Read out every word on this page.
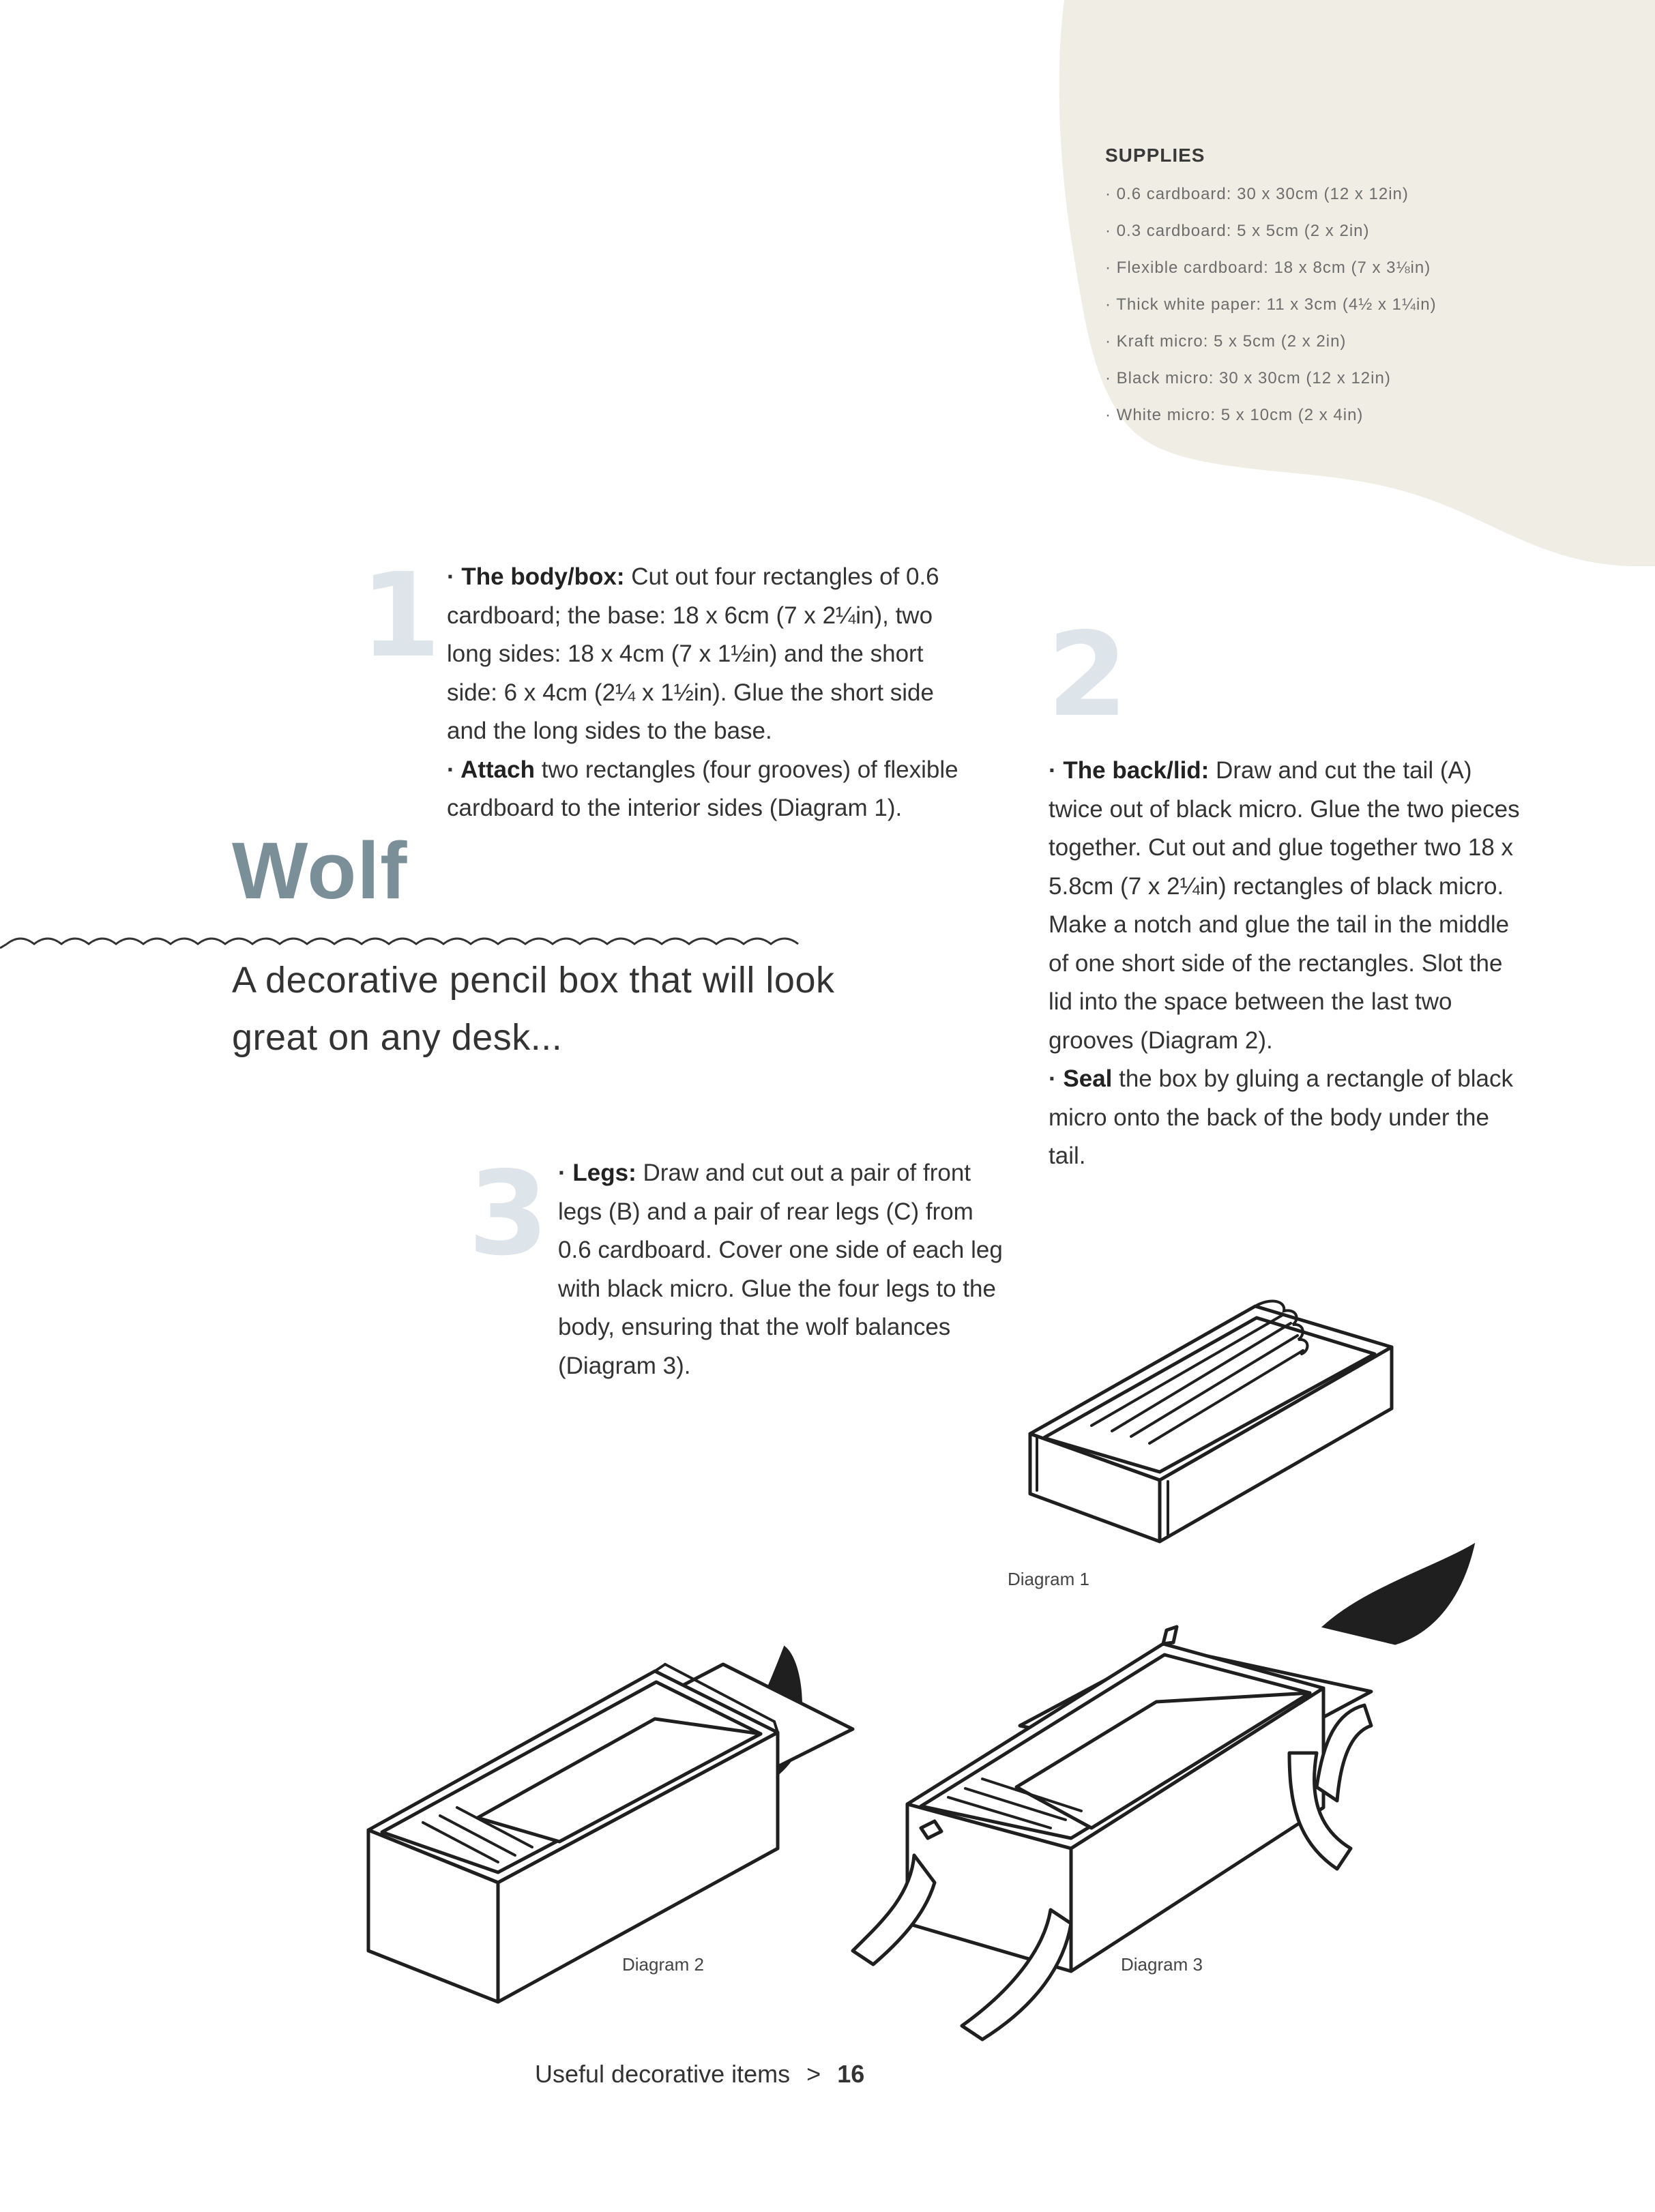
SUPPLIES
· 0.6 cardboard: 30 x 30cm (12 x 12in)
· 0.3 cardboard: 5 x 5cm (2 x 2in)
· Flexible cardboard: 18 x 8cm (7 x 3⅛in)
· Thick white paper: 11 x 3cm (4½ x 1¼in)
· Kraft micro: 5 x 5cm (2 x 2in)
· Black micro: 30 x 30cm (12 x 12in)
· White micro: 5 x 10cm (2 x 4in)
1 · The body/box: Cut out four rectangles of 0.6 cardboard; the base: 18 x 6cm (7 x 2¼in), two long sides: 18 x 4cm (7 x 1½in) and the short side: 6 x 4cm (2¼ x 1½in). Glue the short side and the long sides to the base.

· Attach two rectangles (four grooves) of flexible cardboard to the interior sides (Diagram 1).

2

· The back/lid: Draw and cut the tail (A) twice out of black micro. Glue the two pieces together. Cut out and glue together two 18 x 5.8cm (7 x 2¼in) rectangles of black micro. Make a notch and glue the tail in the middle of one short side of the rectangles. Slot the lid into the space between the last two grooves (Diagram 2).

· Seal the box by gluing a rectangle of black micro onto the back of the body under the tail.

Wolf
A decorative pencil box that will look great on any desk...
3	· Legs: Draw and cut out a pair of front legs (B) and a pair of rear legs (C) from 0.6 cardboard. Cover one side of each leg with black micro. Glue the four legs to the body, ensuring that the wolf balances (Diagram 3).

Diagram 1
Diagram 2	Diagram 3
Useful decorative items > 16
